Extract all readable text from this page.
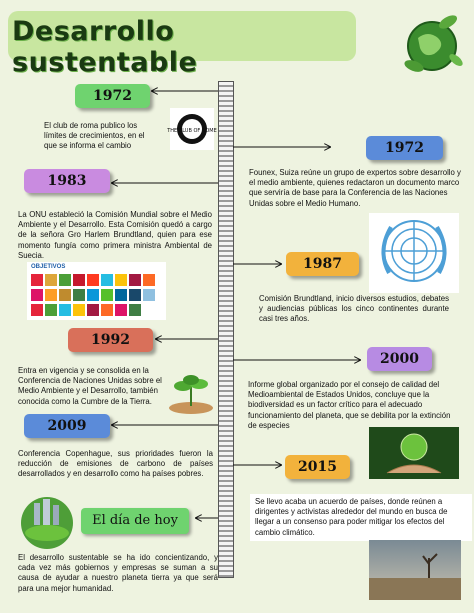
Desarrollo sustentable
1972
El club de roma publico los límites de crecimientos, en el que se informa el cambio
THE CLUB OF ROME
1972
Founex, Suiza reúne un grupo de expertos sobre desarrollo y el medio ambiente, quienes redactaron un documento marco que serviría de base para la Conferencia de las Naciones Unidas sobre el Medio Humano.
1983
La ONU estableció la Comisión Mundial sobre el Medio Ambiente y el Desarrollo. Esta Comisión quedó a cargo de la señora Gro Harlem Brundtland, quien para ese momento fungía como primera ministra Ambiental de Suecia.
OBJETIVOS	1987
Comisión Brundtland, inicio diversos estudios, debates y audiencias públicas los cinco continentes durante casi tres años.
1992
Entra en vigencia y se consolida en la Conferencia de Naciones Unidas sobre el Medio Ambiente y el Desarrollo, también conocida como la Cumbre de la Tierra.
2000
Informe global organizado por el consejo de calidad del Medioambiental de Estados Unidos, concluye que la biodiversidad es un factor crítico para el adecuado funcionamiento del planeta, que se debilita por la extinción de especies
2009
Conferencia Copenhague, sus prioridades fueron la reducción de emisiones de carbono de países desarrollados y en desarrollo como ha países pobres.	2015
Se llevo acaba un acuerdo de países, donde reúnen a dirigentes y activistas alrededor del mundo en busca de llegar a un consenso para poder mitigar los efectos del cambio climático.
El día de hoy
El desarrollo sustentable se ha ido concientizando, y cada vez más gobiernos y empresas se suman a su causa de ayudar a nuestro planeta tierra ya que será para una mejor humanidad.
